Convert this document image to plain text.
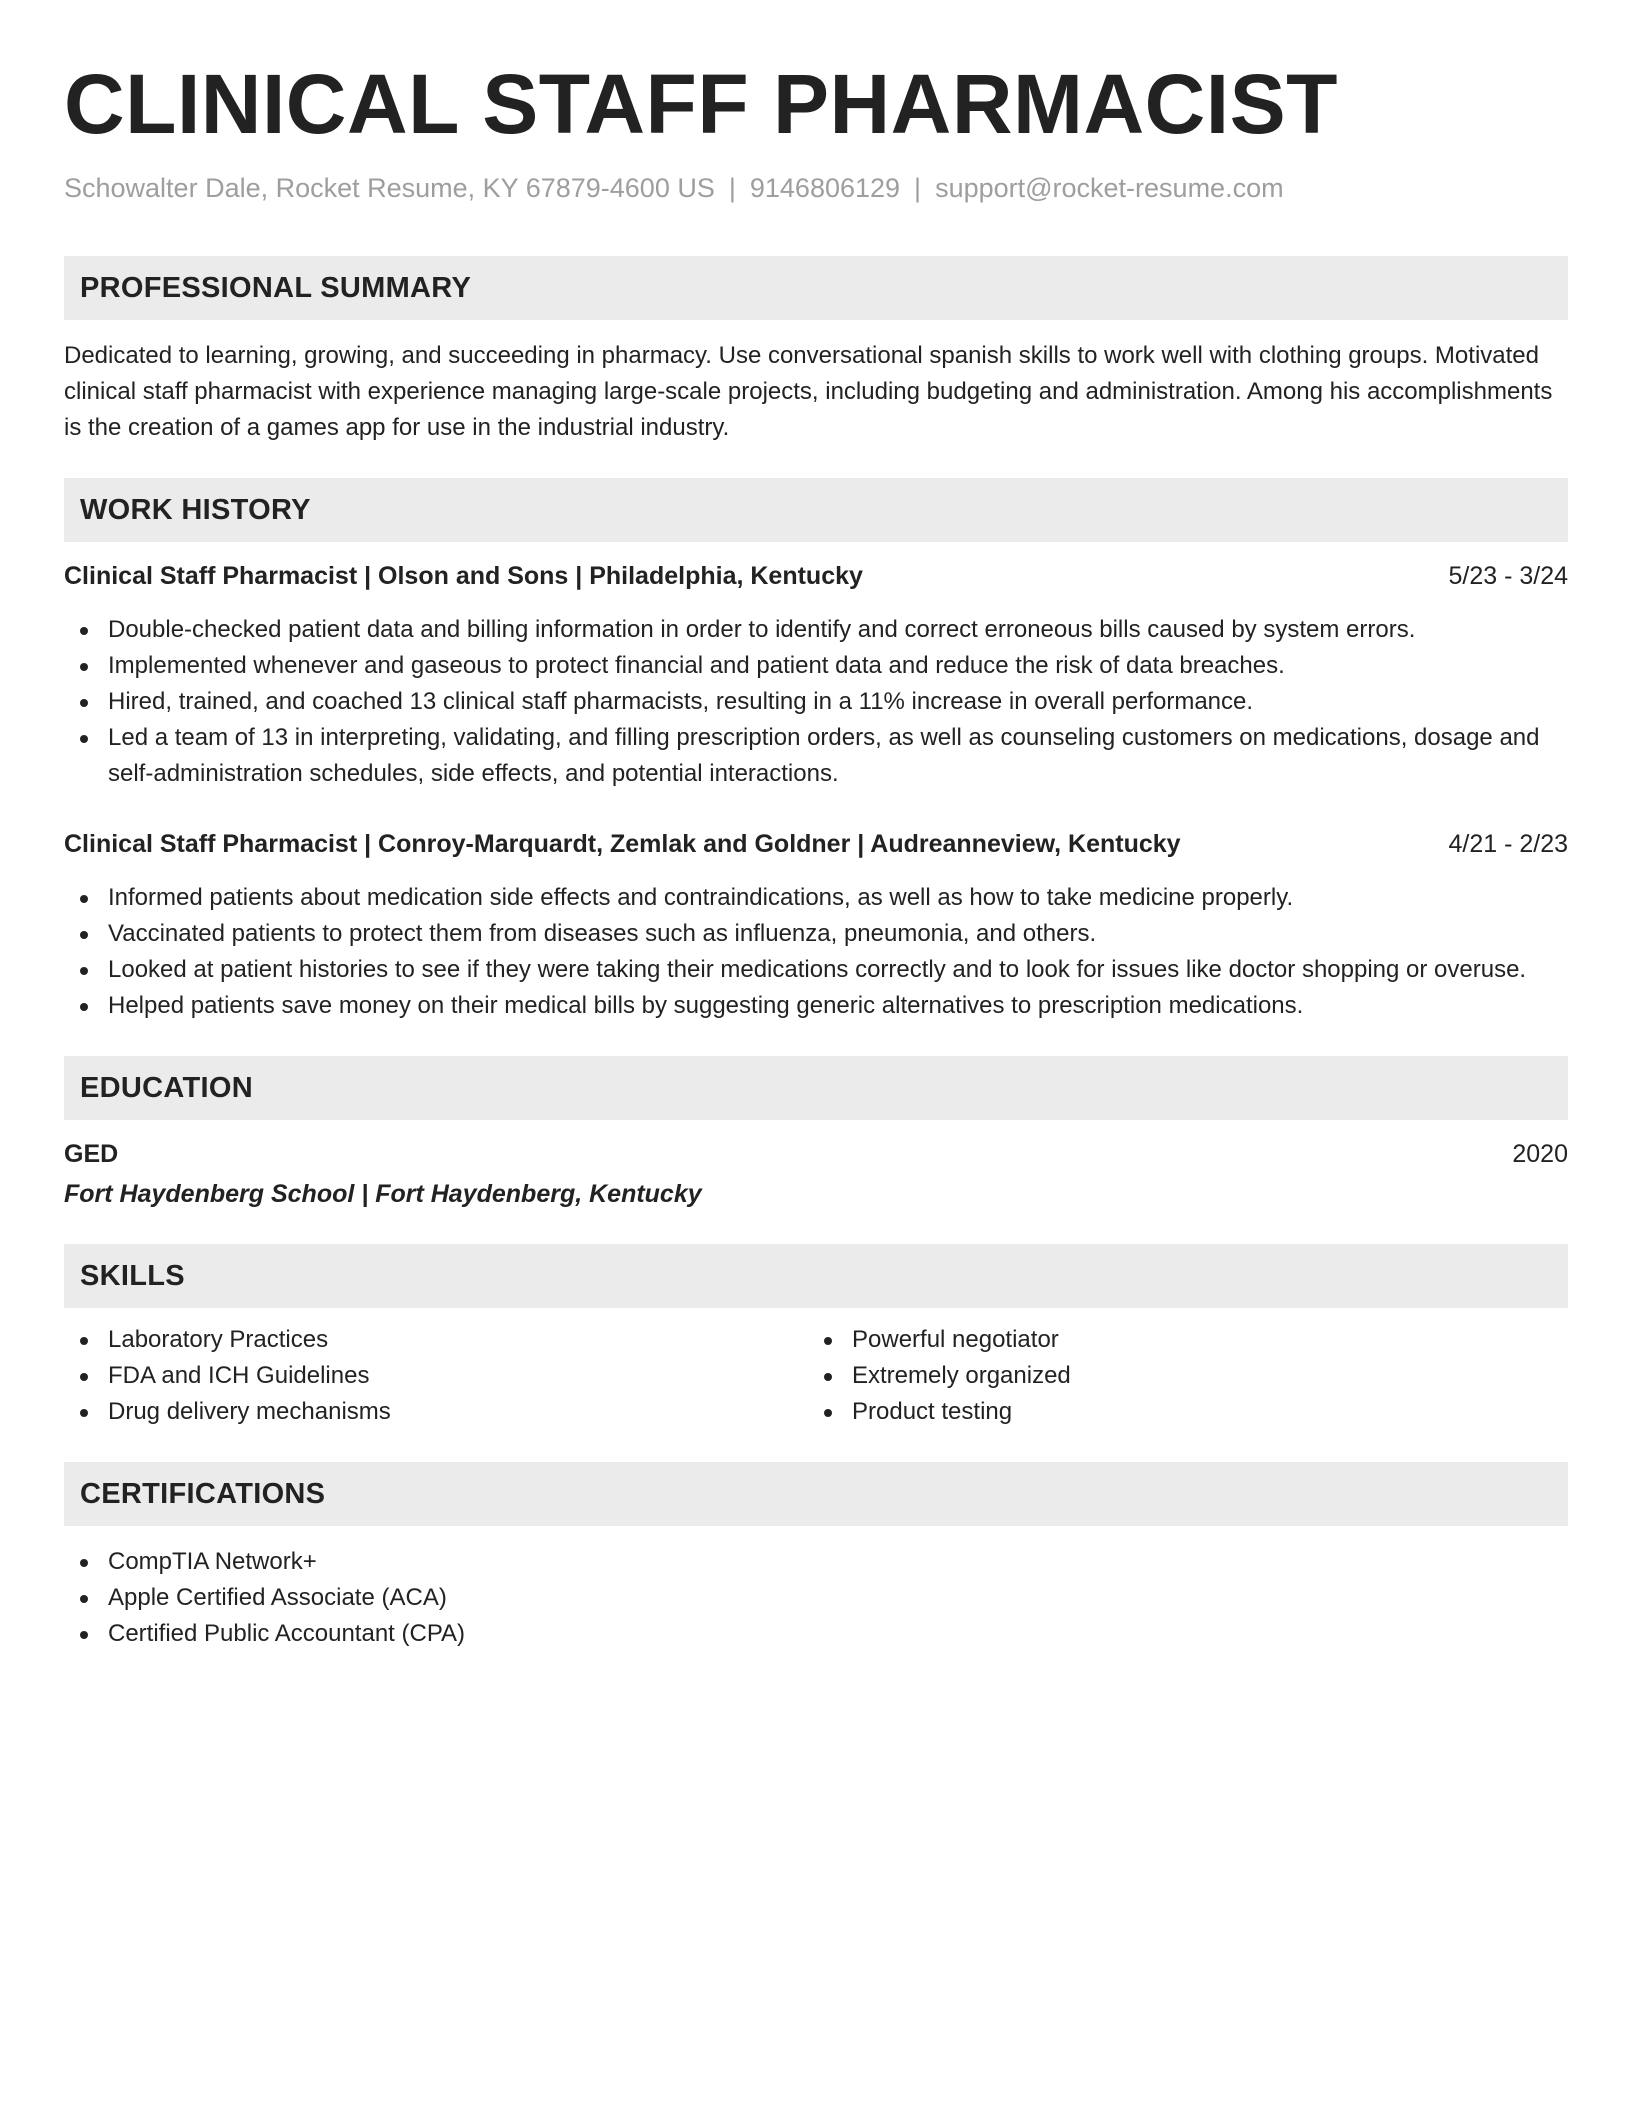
CLINICAL STAFF PHARMACIST
Schowalter Dale, Rocket Resume, KY 67879-4600 US | 9146806129 | support@rocket-resume.com
PROFESSIONAL SUMMARY
Dedicated to learning, growing, and succeeding in pharmacy. Use conversational spanish skills to work well with clothing groups. Motivated clinical staff pharmacist with experience managing large-scale projects, including budgeting and administration. Among his accomplishments is the creation of a games app for use in the industrial industry.
WORK HISTORY
Clinical Staff Pharmacist | Olson and Sons | Philadelphia, Kentucky	5/23 - 3/24
Double-checked patient data and billing information in order to identify and correct erroneous bills caused by system errors.
Implemented whenever and gaseous to protect financial and patient data and reduce the risk of data breaches.
Hired, trained, and coached 13 clinical staff pharmacists, resulting in a 11% increase in overall performance.
Led a team of 13 in interpreting, validating, and filling prescription orders, as well as counseling customers on medications, dosage and self-administration schedules, side effects, and potential interactions.
Clinical Staff Pharmacist | Conroy-Marquardt, Zemlak and Goldner | Audreanneview, Kentucky	4/21 - 2/23
Informed patients about medication side effects and contraindications, as well as how to take medicine properly.
Vaccinated patients to protect them from diseases such as influenza, pneumonia, and others.
Looked at patient histories to see if they were taking their medications correctly and to look for issues like doctor shopping or overuse.
Helped patients save money on their medical bills by suggesting generic alternatives to prescription medications.
EDUCATION
GED	2020
Fort Haydenberg School | Fort Haydenberg, Kentucky
SKILLS
Laboratory Practices
FDA and ICH Guidelines
Drug delivery mechanisms
Powerful negotiator
Extremely organized
Product testing
CERTIFICATIONS
CompTIA Network+
Apple Certified Associate (ACA)
Certified Public Accountant (CPA)
